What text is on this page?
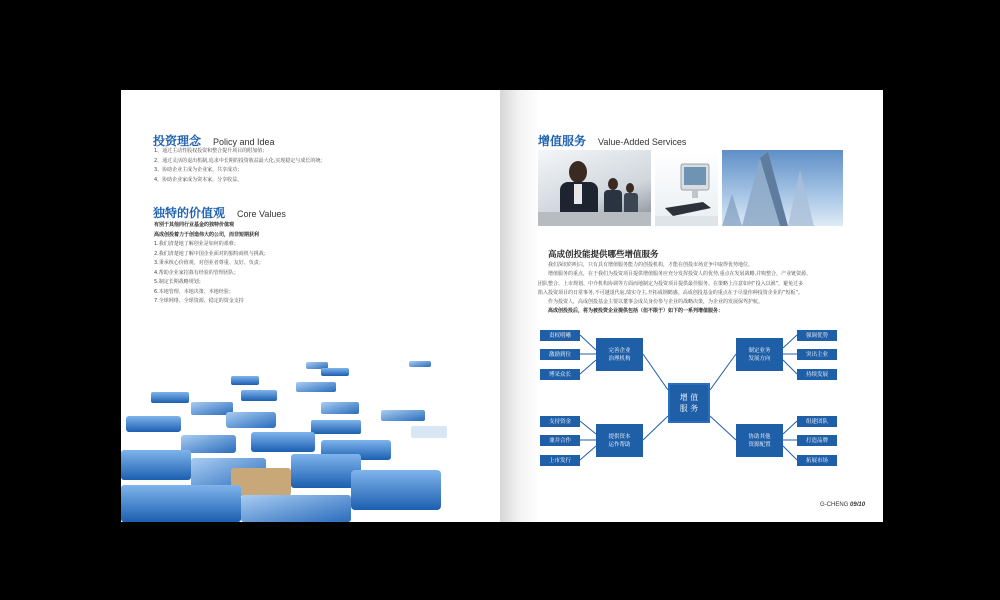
投资理念 Policy and Idea
1、通过主动性股权投资和整合提升项目的附加值；
2、通过灵活的退出机制,追求中长期的投资收益最大化,实现稳定与成长的统;
3、协助企业主成为企业家，共享成功；
4、协助企业家成为资本家，分享收益。
独特的价值观 Core Values
有别于其他同行业基金的独特价值观
高成创投着力于创造伟大的公司，而非短期获利
1.我们清楚地了解创业是如何的艰难；
2.我们清楚地了解中国企业面对的独特商机与挑战；
3.秉承核心价值观，对创业者尊重、友好、负责；
4.帮助企业家招募有经验的管理团队；
5.制定长期战略规划；
6.本地管理、本地决策、本地经验；
7.全球网络、全球资源、稳定的资金支持
增值服务 Value-Added Services
高成创投能提供哪些增值服务
我们深切的明白，只有具有增值服务能力的创投机构，才能在创投市场竞争中取得优势地位。
增值服务的重点，在于我们为投资项目提供增值服务应充分发挥投资人的优势,重点在发展战略,并购整合，产业链资源、
团队整合、上市规划、中介机构协调等方面而地制定为投资项目提供最佳服务。在策略上注意如何“投入以渔”，避免过多
陷入投资项目的日常事务,不可越俎代庖,绩实夺主,开拓成钢鹤感。高成创投基金的重点在于尽量你种投资企业的“短板”。
作为投资人，高成创投基金主要以董事会成员身份参与企业的战略决策，为企业的发展保驾护航。
高成创投投后，将为被投资企业提供包括（但不限于）如下的一系列增值服务：
增 值
服 务
完善企业
治理机构
制定业务
发展方向
提供资本
运作帮助
协助其他
资源配置
责权明晰
激励到位
博采众长
强调优势
突出主业
持续发展
支持资金
兼并合作
上市发行
组建团队
打造品牌
拓展市场
G-CHENG 09/10
